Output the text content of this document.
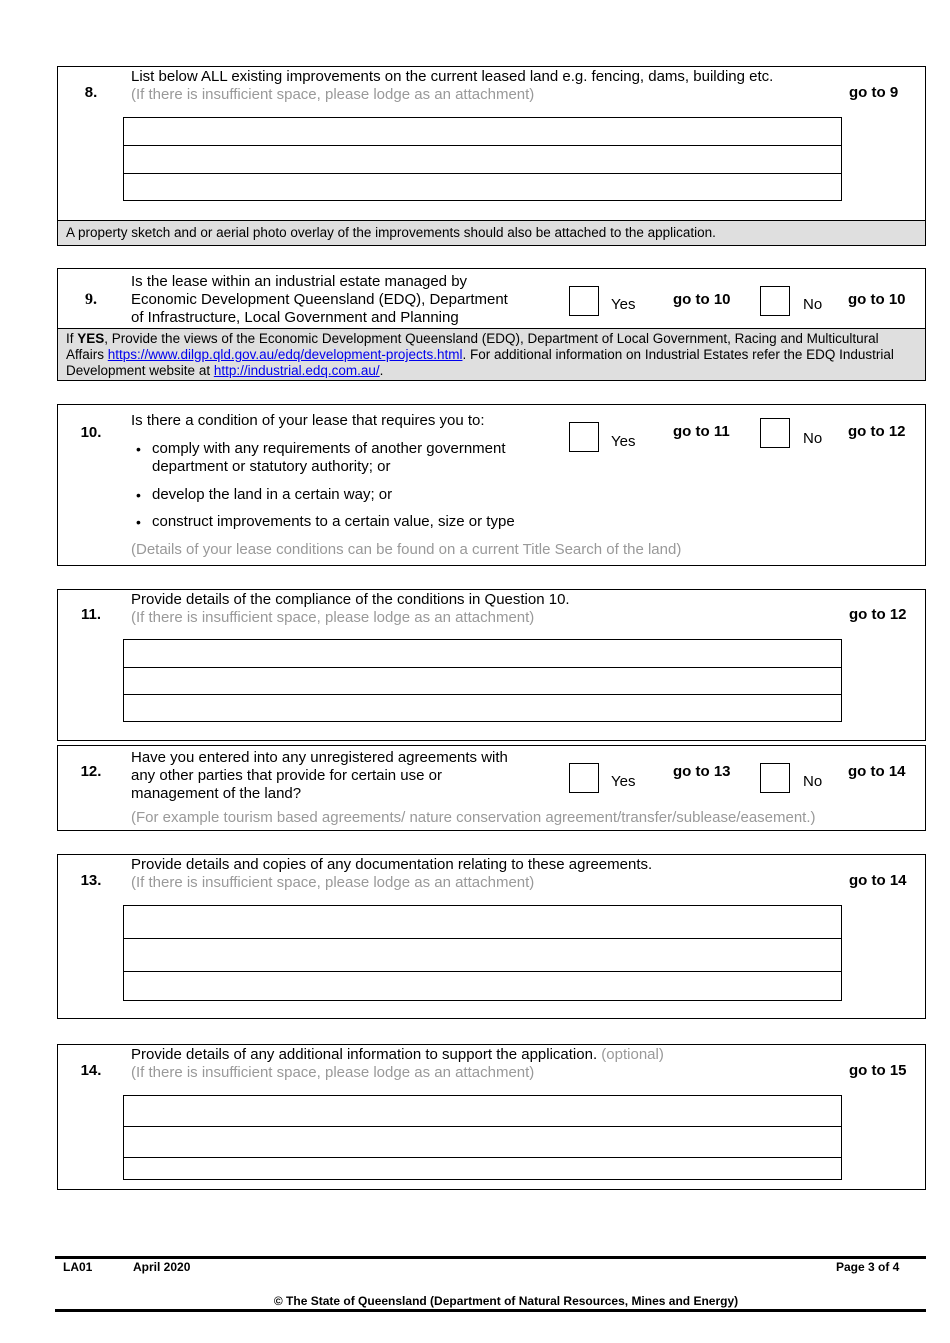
8.
List below ALL existing improvements on the current leased land e.g. fencing, dams, building etc.
(If there is insufficient space, please lodge as an attachment)	go to 9
A property sketch and or aerial photo overlay of the improvements should also be attached to the application.
9.
Is the lease within an industrial estate managed by
Economic Development Queensland (EDQ), Department
of Infrastructure, Local Government and Planning
Yes	go to 10	No go to 10
If YES, Provide the views of the Economic Development Queensland (EDQ), Department of Local Government, Racing and Multicultural Affairs https://www.dilgp.qld.gov.au/edq/development-projects.html. For additional information on Industrial Estates refer the EDQ Industrial Development website at http://industrial.edq.com.au/.
10.
Is there a condition of your lease that requires you to:
• comply with any requirements of another government
department or statutory authority; or
• develop the land in a certain way; or
• construct improvements to a certain value, size or type
(Details of your lease conditions can be found on a current Title Search of the land)
Yes
go to 11	No go to 12
11.
Provide details of the compliance of the conditions in Question 10.
(If there is insufficient space, please lodge as an attachment)	go to 12
12.
Have you entered into any unregistered agreements with
any other parties that provide for certain use or
management of the land?
(For example tourism based agreements/ nature conservation agreement/transfer/sublease/easement.)
Yes
go to 13
No
go to 14
13.
Provide details and copies of any documentation relating to these agreements.
(If there is insufficient space, please lodge as an attachment)	go to 14
14.
Provide details of any additional information to support the application. (optional)
(If there is insufficient space, please lodge as an attachment)	go to 15
LA01	April 2020	Page 3 of 4
© The State of Queensland (Department of Natural Resources, Mines and Energy)
